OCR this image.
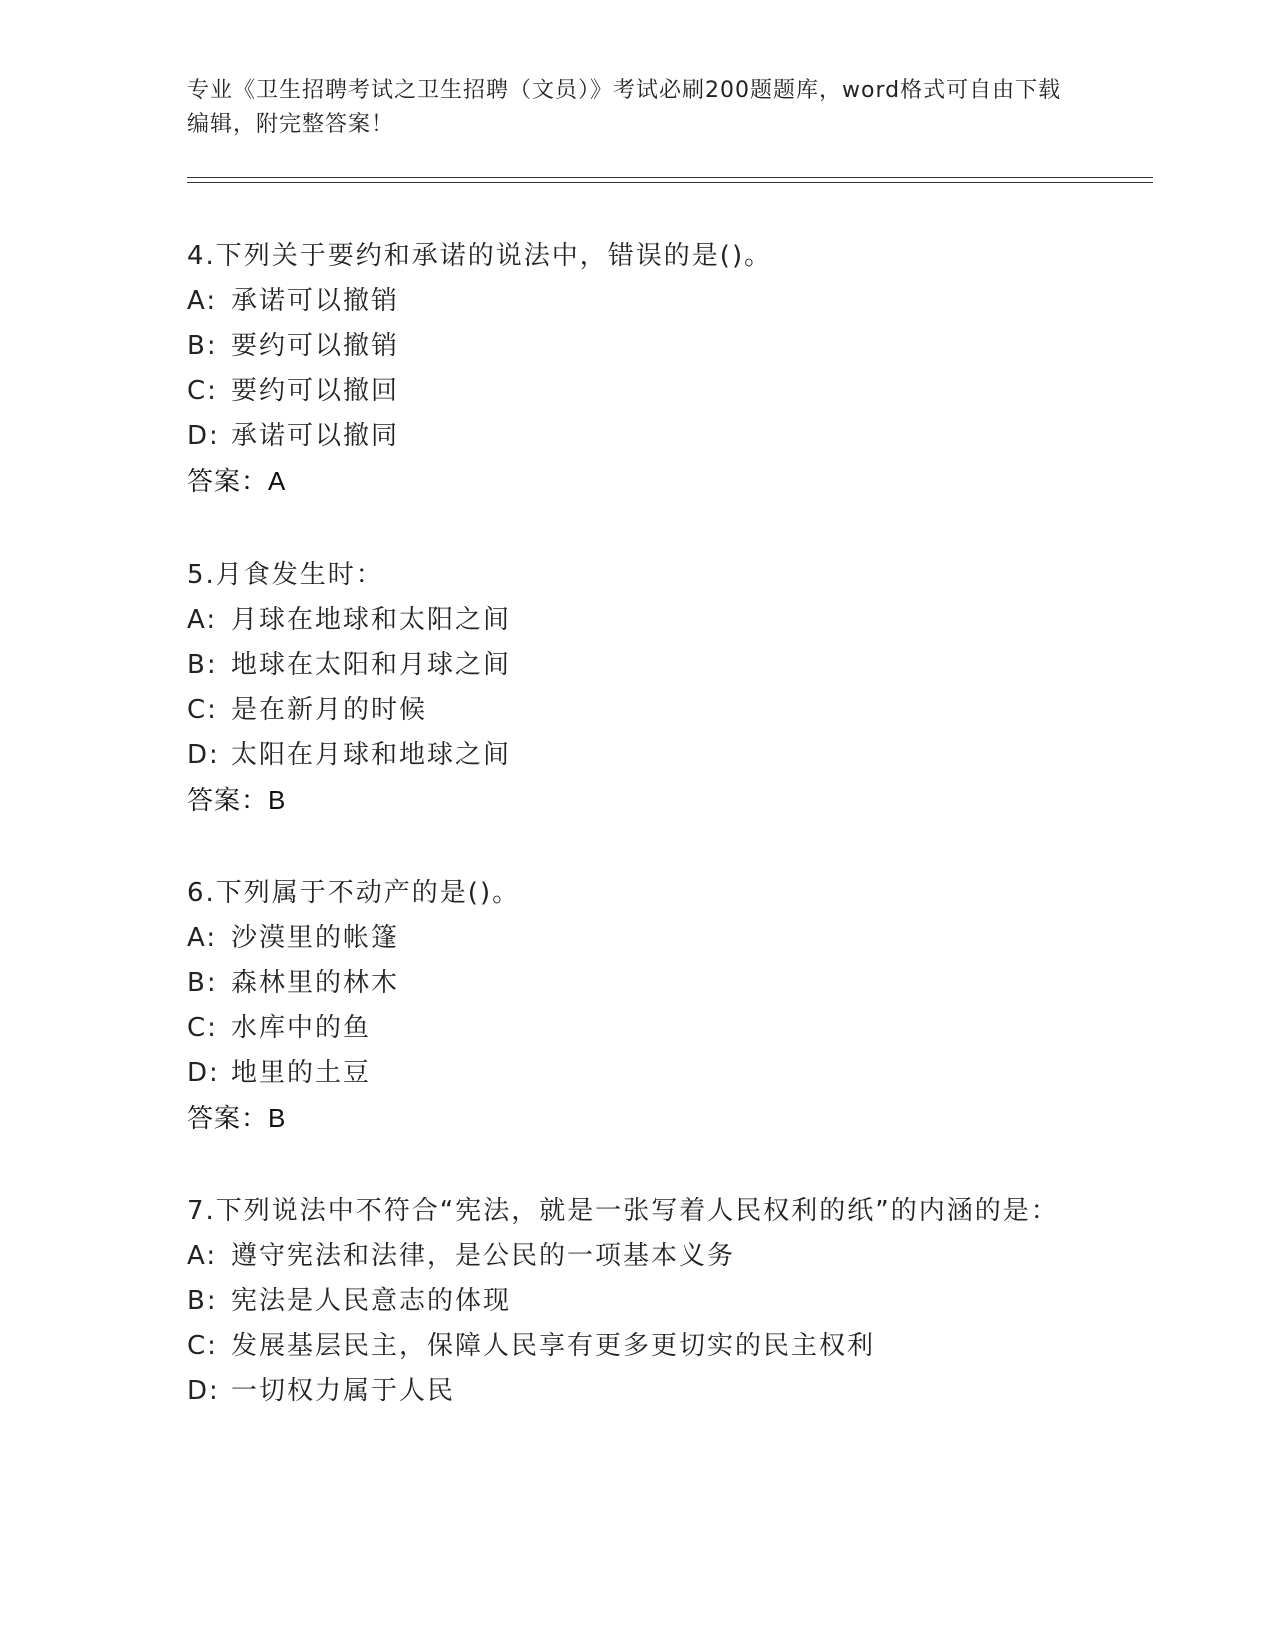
专业《卫生招聘考试之卫生招聘（文员）》考试必刷200题题库，word格式可自由下载编辑，附完整答案！

4.下列关于要约和承诺的说法中，错误的是()。

A: 承诺可以撤销

B: 要约可以撤销

C: 要约可以撤回

D: 承诺可以撤同

答案：A

5.月食发生时：

A: 月球在地球和太阳之间

B: 地球在太阳和月球之间

C: 是在新月的时候

D: 太阳在月球和地球之间

答案：B

6.下列属于不动产的是()。

A: 沙漠里的帐篷

B: 森林里的林木

C: 水库中的鱼

D: 地里的土豆

答案：B

7.下列说法中不符合“宪法，就是一张写着人民权利的纸”的内涵的是：

A: 遵守宪法和法律，是公民的一项基本义务

B: 宪法是人民意志的体现

C: 发展基层民主，保障人民享有更多更切实的民主权利

D: 一切权力属于人民
